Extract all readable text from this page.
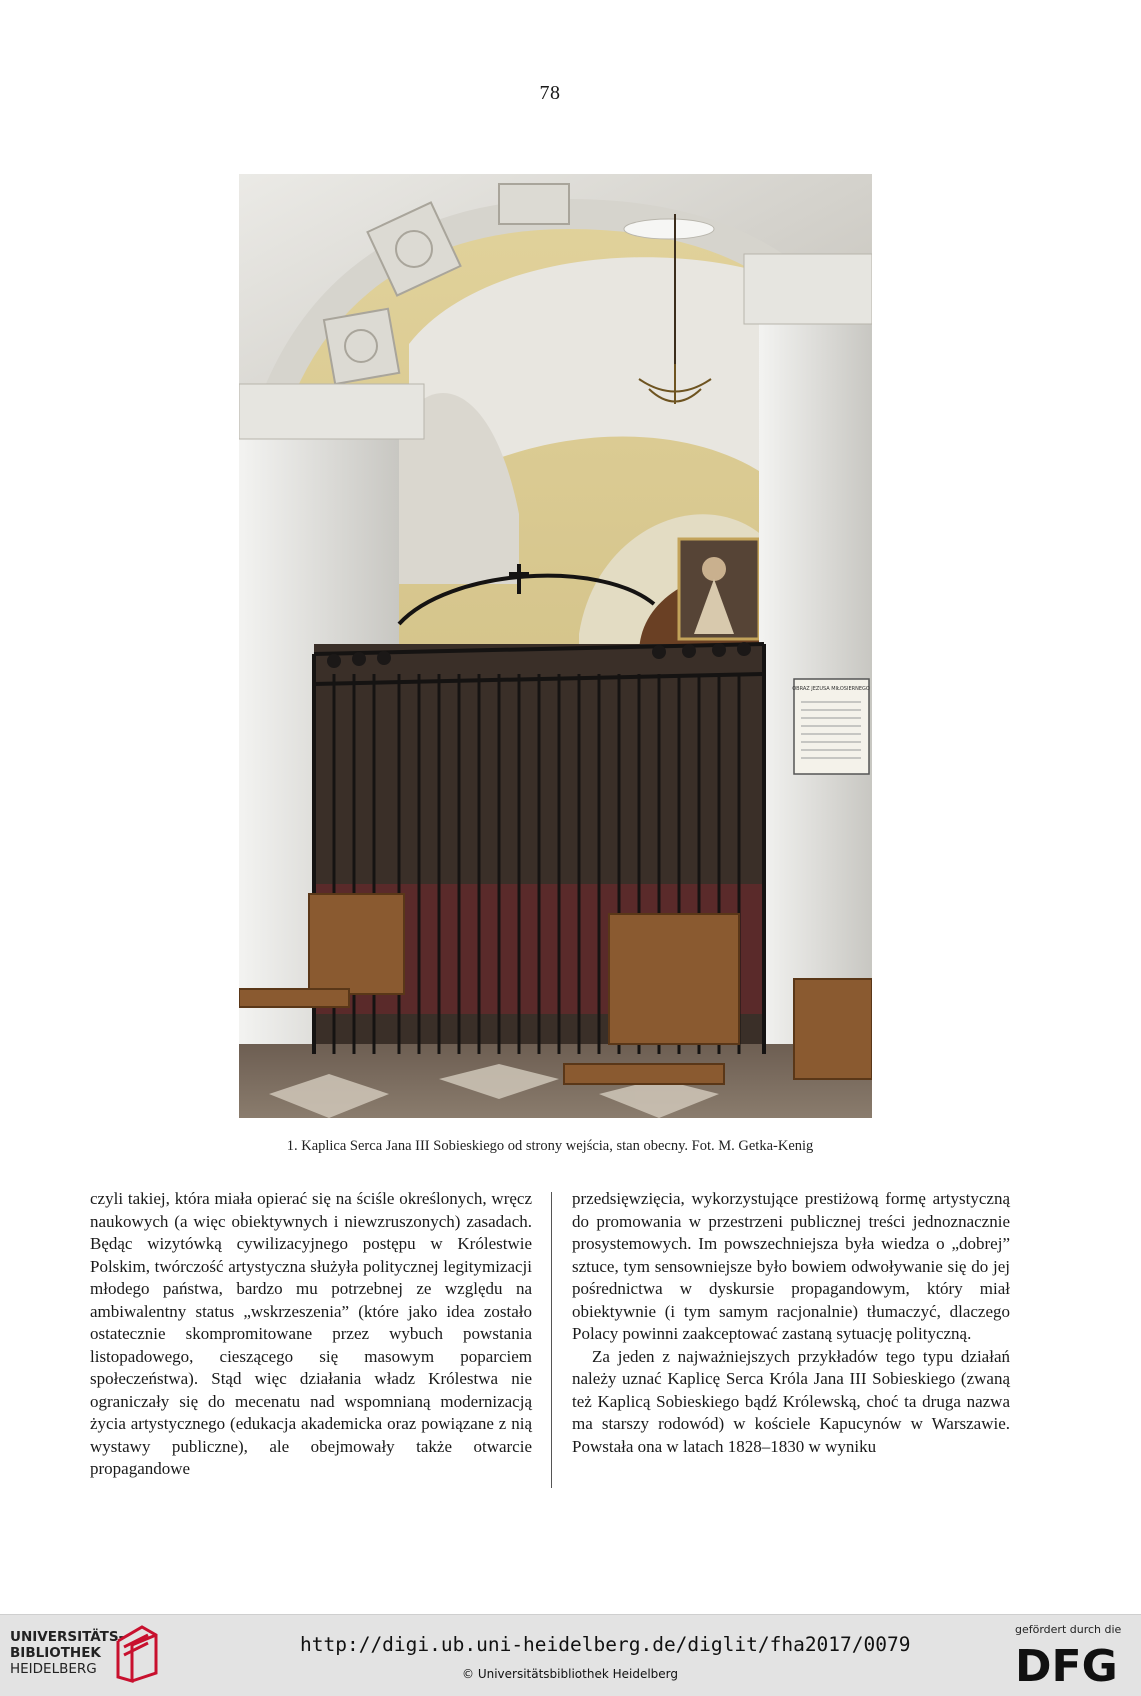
78
OBRAZ JEZUSA MIŁOSIERNEGO
1. Kaplica Serca Jana III Sobieskiego od strony wejścia, stan obecny. Fot. M. Getka-Kenig

czyli takiej, która miała opierać się na ściśle określonych, wręcz naukowych (a więc obiektywnych i niewzruszonych) zasadach. Będąc wizytówką cywilizacyjnego postępu w Królestwie Polskim, twórczość artystyczna służyła politycznej legitymizacji młodego państwa, bardzo mu potrzebnej ze względu na ambiwalentny status „wskrzeszenia” (które jako idea zostało ostatecznie skompromitowane przez wybuch powstania listopadowego, cieszącego się masowym poparciem społeczeństwa). Stąd więc działania władz Królestwa nie ograniczały się do mecenatu nad wspomnianą modernizacją życia artystycznego (edukacja akademicka oraz powiązane z nią wystawy publiczne), ale obejmowały także otwarcie propagandowe

przedsięwzięcia, wykorzystujące prestiżową formę artystyczną do promowania w przestrzeni publicznej treści jednoznacznie prosystemowych. Im powszechniejsza była wiedza o „dobrej” sztuce, tym sensowniejsze było bowiem odwoływanie się do jej pośrednictwa w dyskursie propagandowym, który miał obiektywnie (i tym samym racjonalnie) tłumaczyć, dlaczego Polacy powinni zaakceptować zastaną sytuację polityczną.

Za jeden z najważniejszych przykładów tego typu działań należy uznać Kaplicę Serca Króla Jana III Sobieskiego (zwaną też Kaplicą Sobieskiego bądź Królewską, choć ta druga nazwa ma starszy rodowód) w kościele Kapucynów w Warszawie. Powstała ona w latach 1828–1830 w wyniku

UNIVERSITÄTS-
BIBLIOTHEK
HEIDELBERG
http://digi.ub.uni-heidelberg.de/diglit/fha2017/0079
© Universitätsbibliothek Heidelberg
gefördert durch die
DFG
